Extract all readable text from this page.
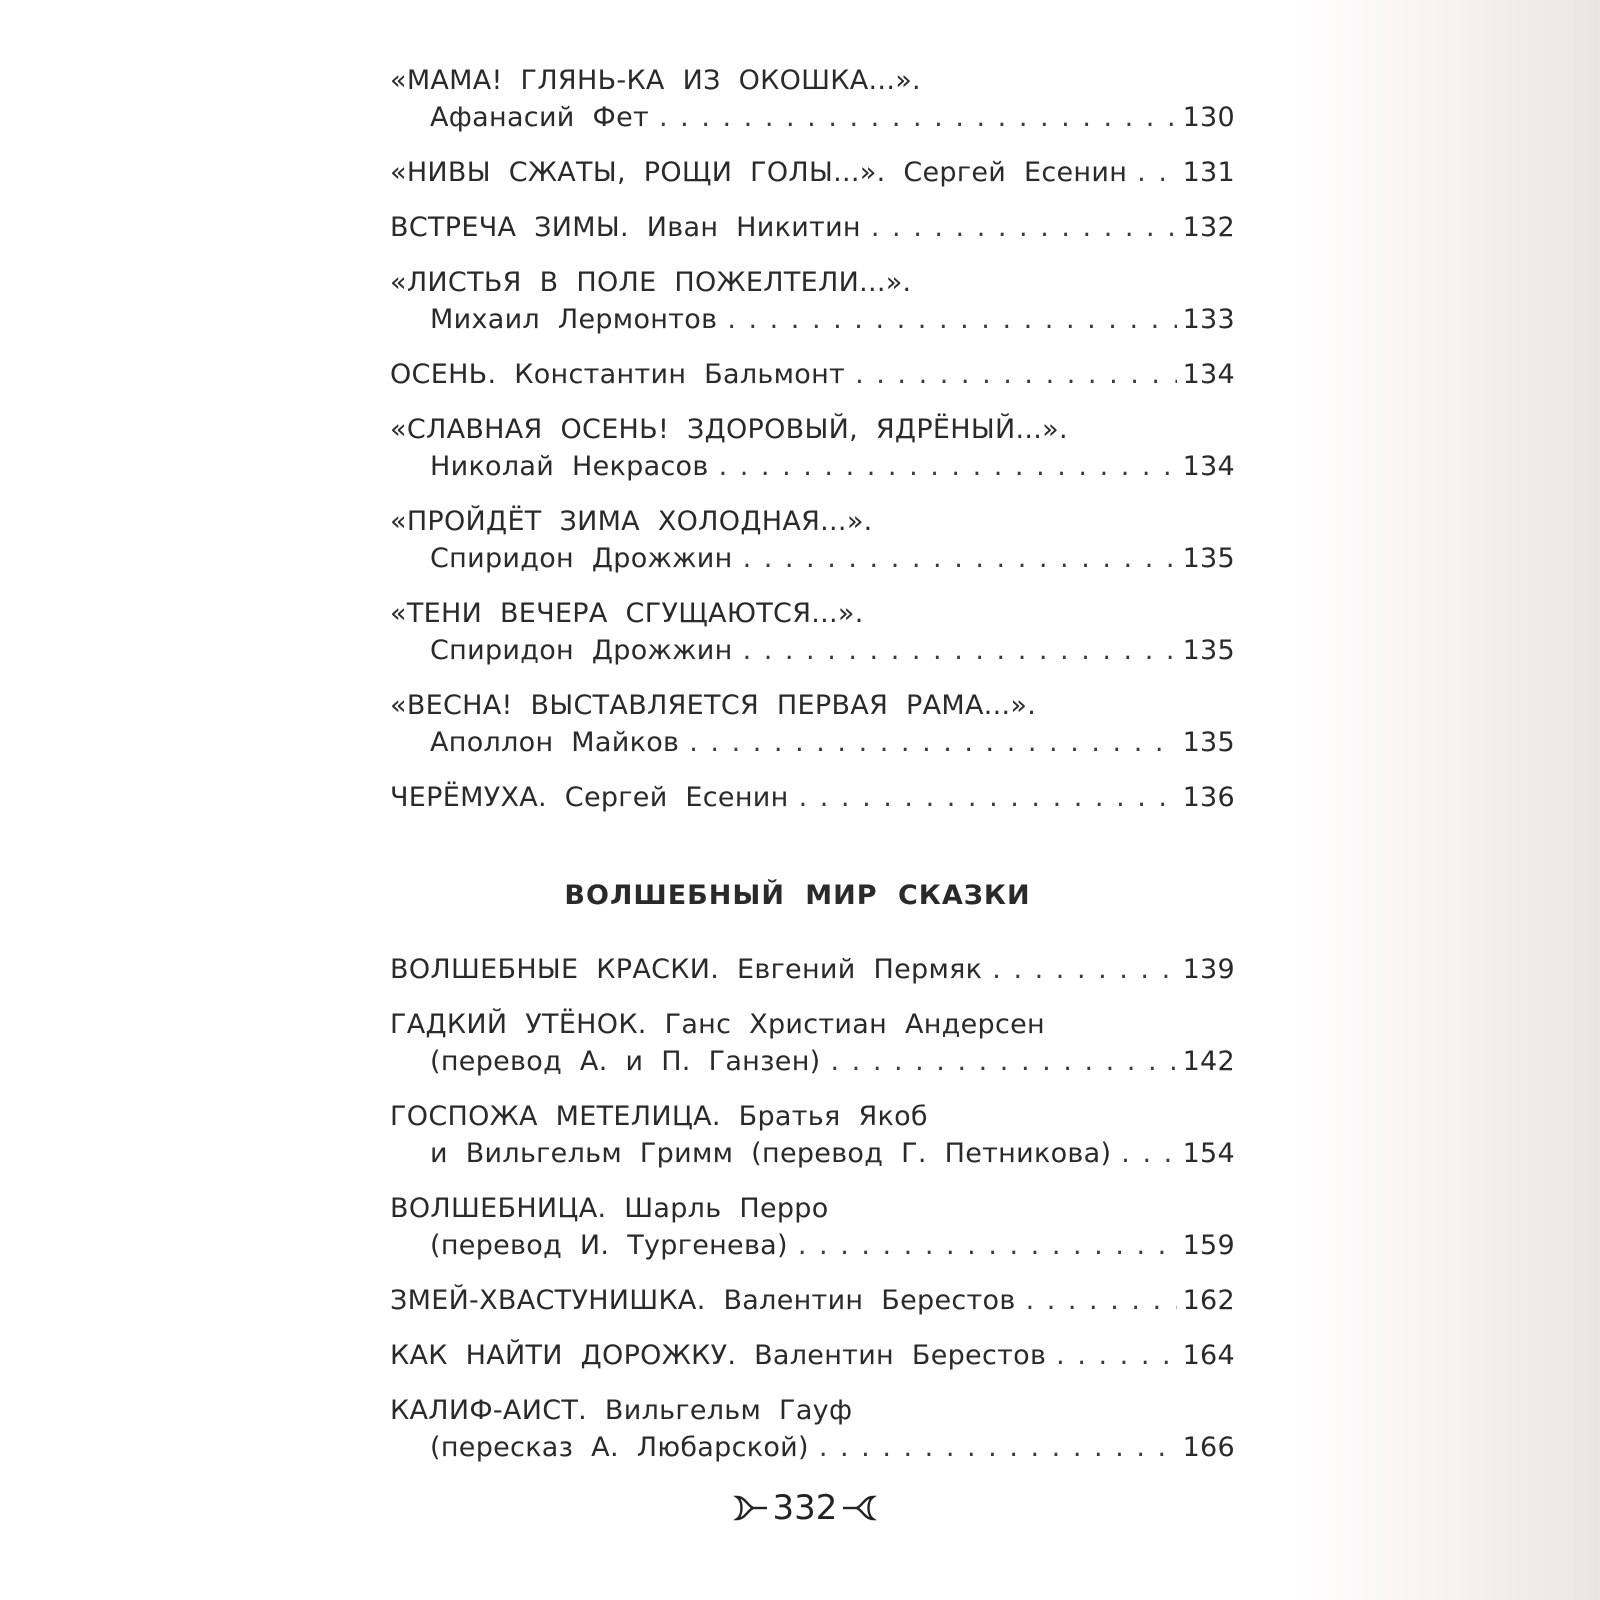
«МАМА! ГЛЯНЬ-КА ИЗ ОКОШКА...».
Афанасий Фет . . .	130
«НИВЫ СЖАТЫ, РОЩИ ГОЛЫ...». Сергей Есенин . . . 131
ВСТРЕЧА ЗИМЫ. Иван Никитин . . .	132
«ЛИСТЬЯ В ПОЛЕ ПОЖЕЛТЕЛИ...».
Михаил Лермонтов . . .	133
ОСЕНЬ. Константин Бальмонт . . .	134
«СЛАВНАЯ ОСЕНЬ! ЗДОРОВЫЙ, ЯДРЁНЫЙ...».
Николай Некрасов . . .	134
«ПРОЙДЁТ ЗИМА ХОЛОДНАЯ...».
Спиридон Дрожжин . . .	135
«ТЕНИ ВЕЧЕРА СГУЩАЮТСЯ...».
Спиридон Дрожжин . . .	135
«ВЕСНА! ВЫСТАВЛЯЕТСЯ ПЕРВАЯ РАМА...».
Аполлон Майков . . .	135
ЧЕРЁМУХА. Сергей Есенин . . .	136
ВОЛШЕБНЫЙ МИР СКАЗКИ
ВОЛШЕБНЫЕ КРАСКИ. Евгений Пермяк . . .	139
ГАДКИЙ УТЁНОК. Ганс Христиан Андерсен
(перевод А. и П. Ганзен) . . .	142
ГОСПОЖА МЕТЕЛИЦА. Братья Якоб
и Вильгельм Гримм (перевод Г. Петникова) . . .	154
ВОЛШЕБНИЦА. Шарль Перро
(перевод И. Тургенева) . . .	159
ЗМЕЙ-ХВАСТУНИШКА. Валентин Берестов . . .	162
КАК НАЙТИ ДОРОЖКУ. Валентин Берестов . . .	164
КАЛИФ-АИСТ. Вильгельм Гауф
(пересказ А. Любарской) . . .	166
332
